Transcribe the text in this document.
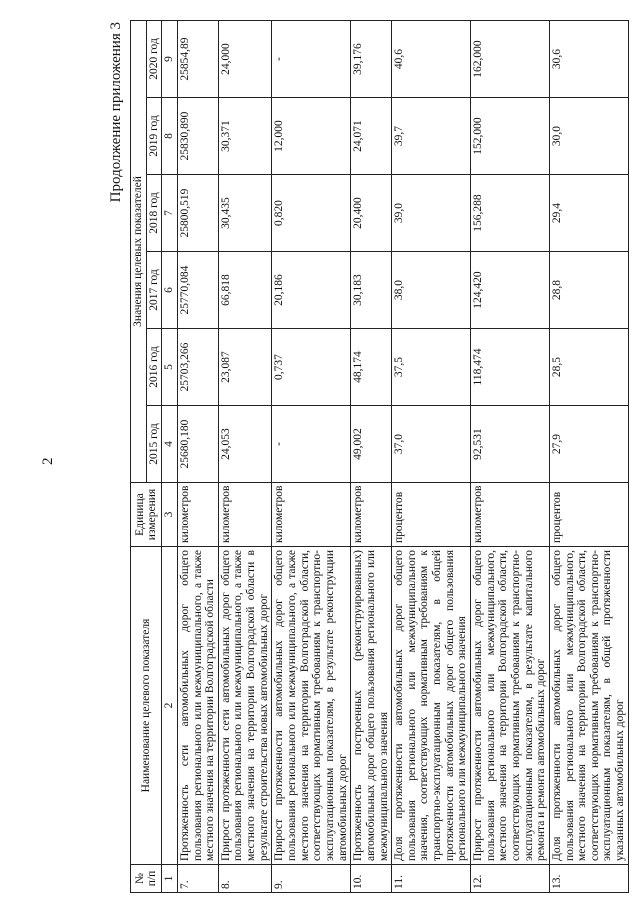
2
Продолжение приложения 3
№ п/п	Наименование целевого показателя	Единица измерения	Значения целевых показателей					
			2015 год	2016 год	2017 год	2018 год	2019 год	2020 год
1	2	3	4	5	6	7	8	9
7.	Протяженность сети автомобильных дорог общего пользования регионального или межмуниципального, а также местного значения на территории Волгоградской области	километров	25680,180	25703,266	25770,084	25800,519	25830,890	25854,89
8.	Прирост протяженности сети автомобильных дорог общего пользования регионального или межмуниципального, а также местного значения на территории Волгоградской области в результате строительства новых автомобильных дорог	километров	24,053	23,087	66,818	30,435	30,371	24,000
9.	Прирост протяженности автомобильных дорог общего пользования регионального или межмуниципального, а также местного значения на территории Волгоградской области, соответствующих нормативным требованиям к транспортно-эксплуатационным показателям, в результате реконструкции автомобильных дорог	километров	-	0,737	20,186	0,820	12,000	-
10.	Протяженность построенных (реконструированных) автомобильных дорог общего пользования регионального или межмуниципального значения	километров	49,002	48,174	30,183	20,400	24,071	39,176
11.	Доля протяженности автомобильных дорог общего пользования регионального или межмуниципального значения, соответствующих нормативным требованиям к транспортно-эксплуатационным показателям, в общей протяженности автомобильных дорог общего пользования регионального или межмуниципального значения	процентов	37,0	37,5	38,0	39,0	39,7	40,6
12.	Прирост протяженности автомобильных дорог общего пользования регионального или межмуниципального, местного значения на территории Волгоградской области, соответствующих нормативным требованиям к транспортно-эксплуатационным показателям, в результате капитального ремонта и ремонта автомобильных дорог	километров	92,531	118,474	124,420	156,288	152,000	162,000
13.	Доля протяженности автомобильных дорог общего пользования регионального или межмуниципального, местного значения на территории Волгоградской области, соответствующих нормативным требованиям к транспортно-эксплуатационным показателям, в общей протяженности указанных автомобильных дорог	процентов	27,9	28,5	28,8	29,4	30,0	30,6
